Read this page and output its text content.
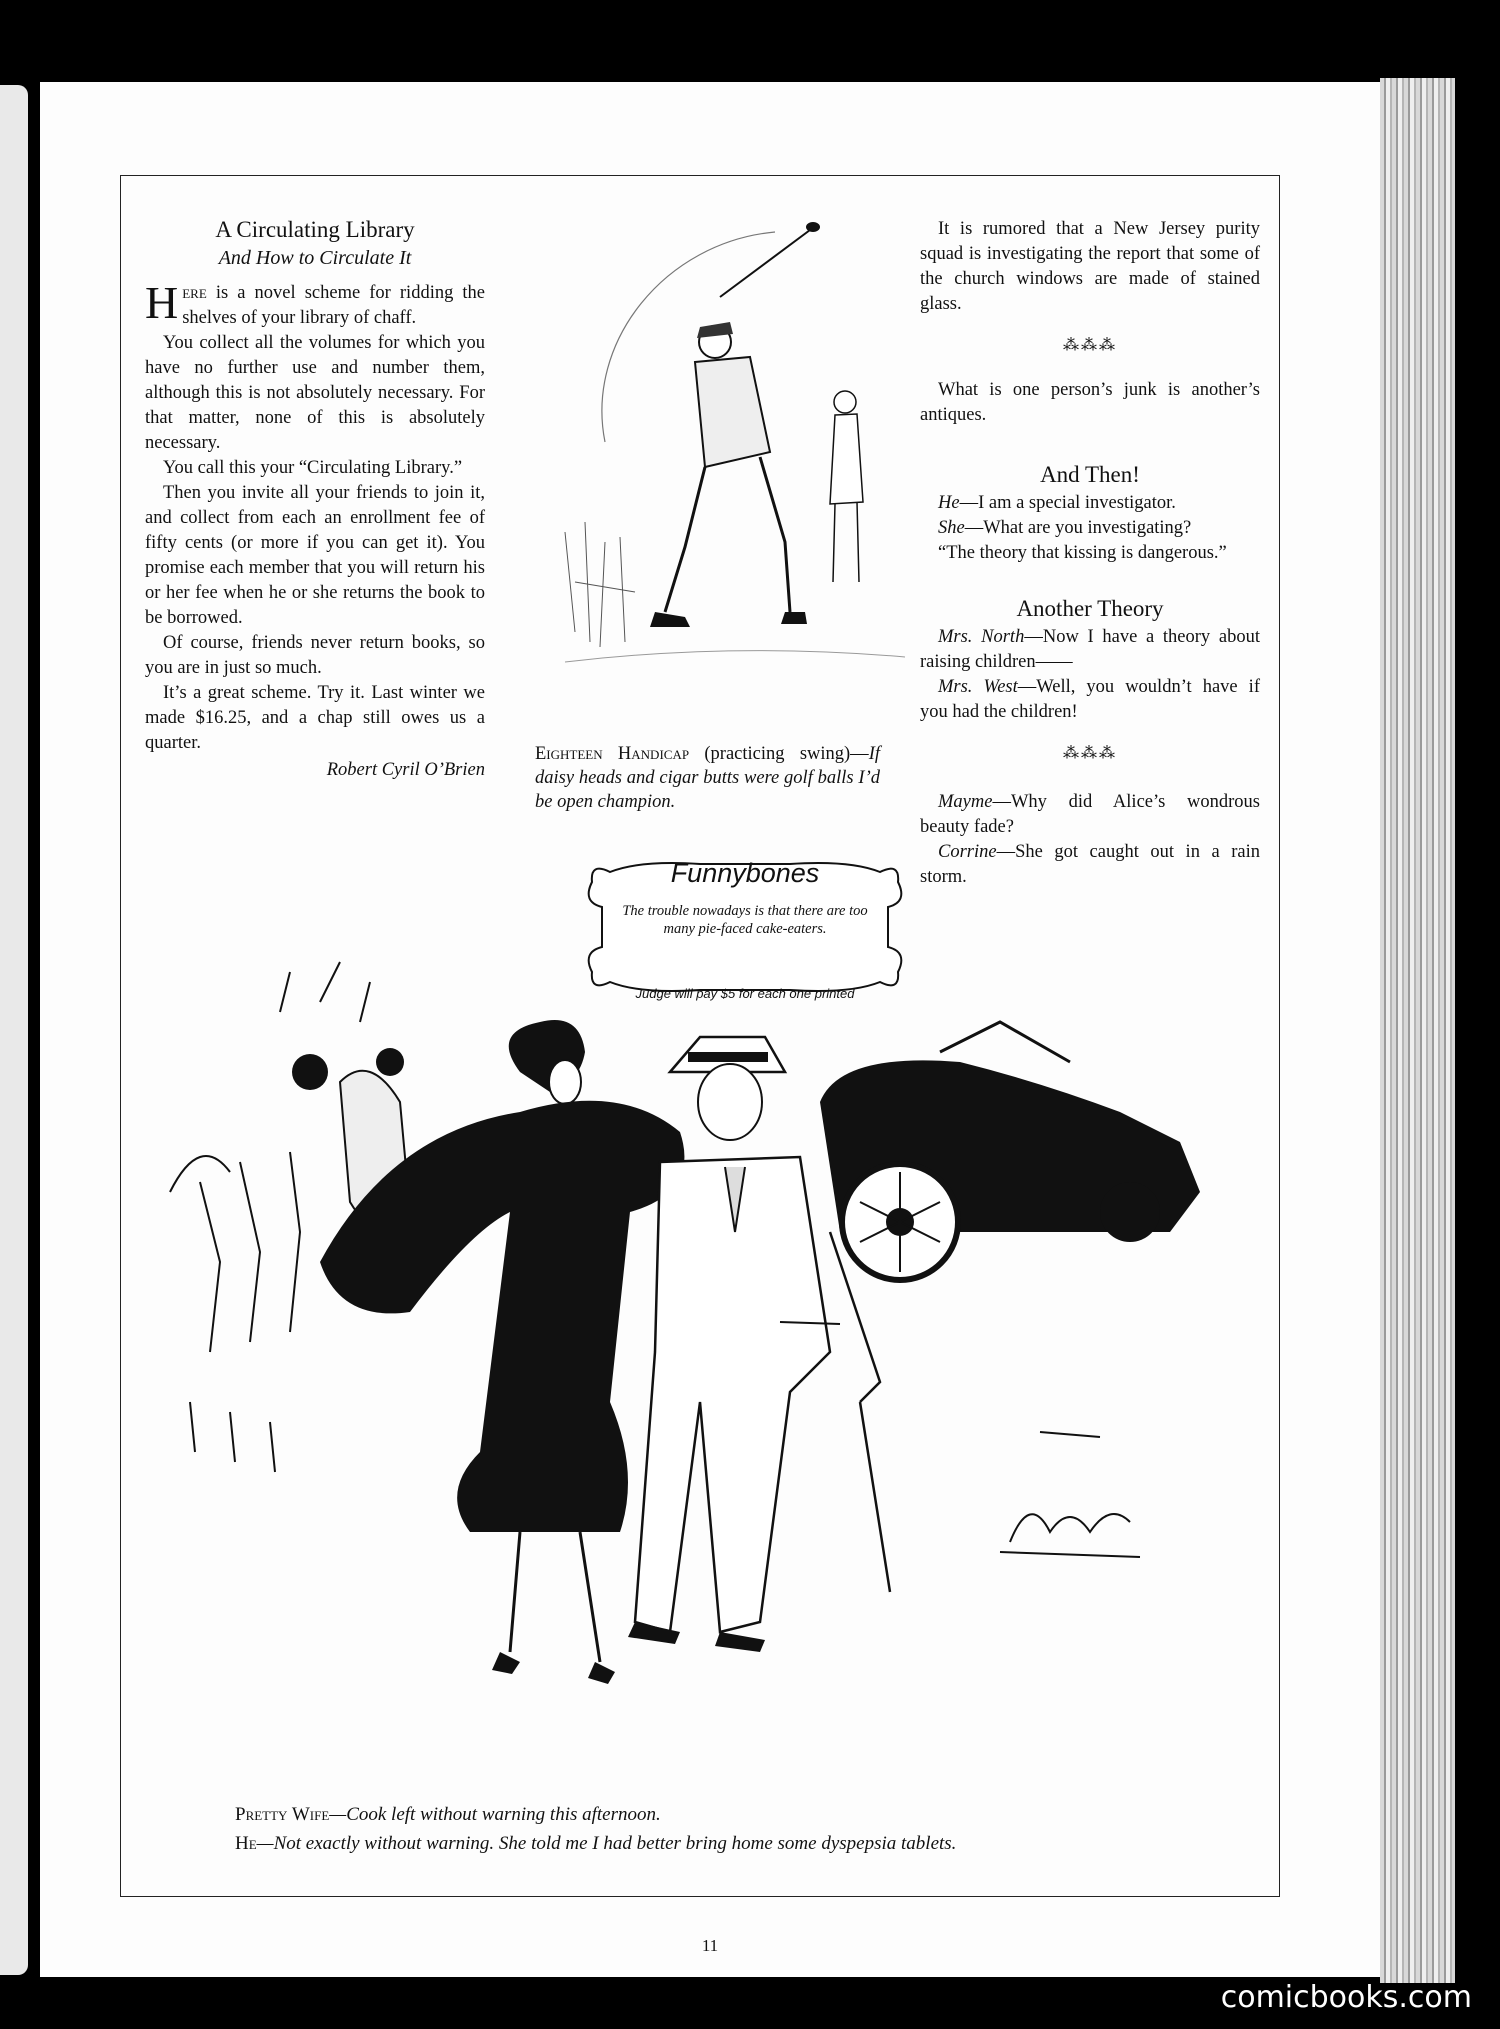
A Circulating Library
And How to Circulate It

Here is a novel scheme for ridding the shelves of your library of chaff.

You collect all the volumes for which you have no further use and number them, although this is not absolutely necessary. For that matter, none of this is absolutely necessary.

You call this your “Circulating Library.”

Then you invite all your friends to join it, and collect from each an enrollment fee of fifty cents (or more if you can get it). You promise each member that you will return his or her fee when he or she returns the book to be borrowed.

Of course, friends never return books, so you are in just so much.

It’s a great scheme. Try it. Last winter we made $16.25, and a chap still owes us a quarter.

Robert Cyril O’Brien
Eighteen Handicap (practicing swing)—If daisy heads and cigar butts were golf balls I’d be open champion.
Funnybones
The trouble nowadays is that there are too many pie-faced cake-eaters.
Judge will pay $5 for each one printed

It is rumored that a New Jersey purity squad is investigating the report that some of the church windows are made of stained glass.

⁂⁂⁂

What is one person’s junk is another’s antiques.

And Then!

He—I am a special investigator.

She—What are you investigating?

“The theory that kissing is dangerous.”

Another Theory

Mrs. North—Now I have a theory about raising children——

Mrs. West—Well, you wouldn’t have if you had the children!

⁂⁂⁂

Mayme—Why did Alice’s wondrous beauty fade?

Corrine—She got caught out in a rain storm.

Pretty Wife—Cook left without warning this afternoon.
He—Not exactly without warning. She told me I had better bring home some dyspepsia tablets.
11
comicbooks.com
